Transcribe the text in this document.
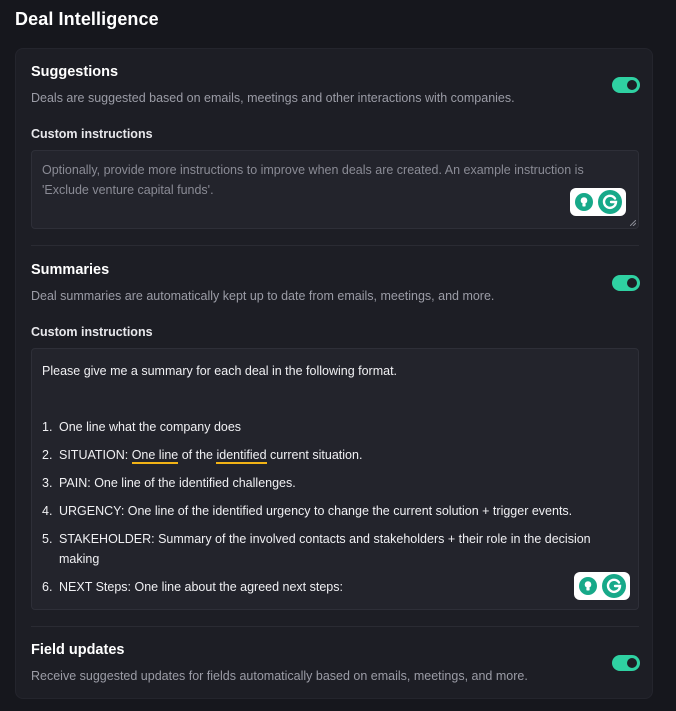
Deal Intelligence
Suggestions
Deals are suggested based on emails, meetings and other interactions with companies.
Custom instructions
Optionally, provide more instructions to improve when deals are created. An example instruction is 'Exclude venture capital funds'.
Summaries
Deal summaries are automatically kept up to date from emails, meetings, and more.
Custom instructions
Please give me a summary for each deal in the following format.
1. One line what the company does
2. SITUATION: One line of the identified current situation.
3. PAIN: One line of the identified challenges.
4. URGENCY: One line of the identified urgency to change the current solution + trigger events.
5. STAKEHOLDER: Summary of the involved contacts and stakeholders + their role in the decision making
6. NEXT Steps: One line about the agreed next steps:
Field updates
Receive suggested updates for fields automatically based on emails, meetings, and more.
